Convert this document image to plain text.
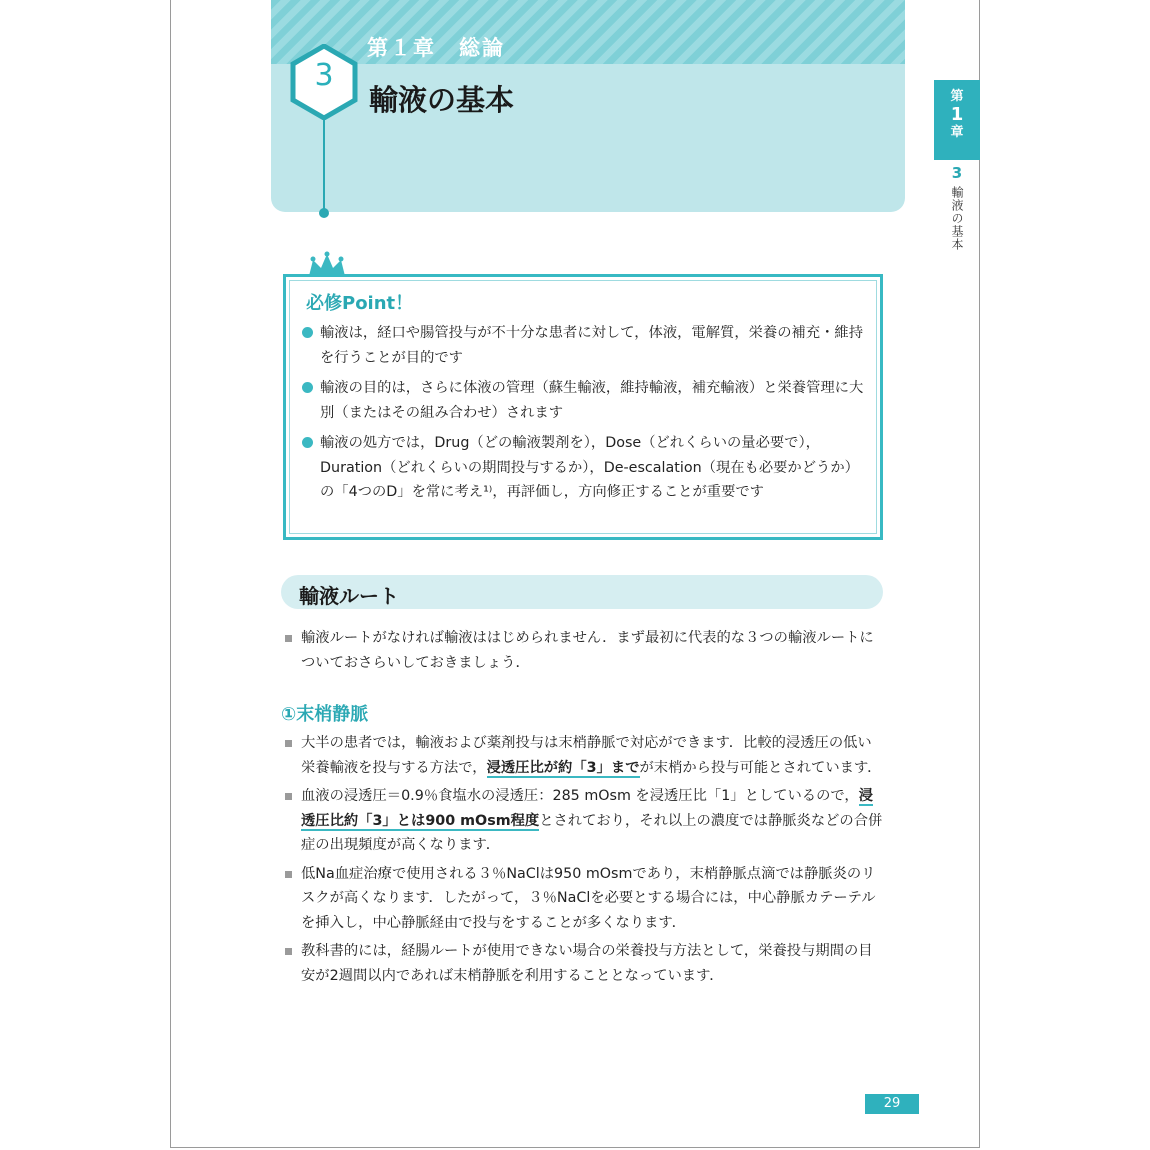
第１章　総論
輸液の基本
3
第
1
章
3
輸液の基本
必修Point！
輸液は，経口や腸管投与が不十分な患者に対して，体液，電解質，栄養の補充・維持を行うことが目的です
輸液の目的は，さらに体液の管理（蘇生輸液，維持輸液，補充輸液）と栄養管理に大別（またはその組み合わせ）されます
輸液の処方では，Drug（どの輸液製剤を），Dose（どれくらいの量必要で），Duration（どれくらいの期間投与するか），De-escalation（現在も必要かどうか）の「4つのD」を常に考え¹⁾，再評価し，方向修正することが重要です
輸液ルート
輸液ルートがなければ輸液ははじめられません．まず最初に代表的な３つの輸液ルートについておさらいしておきましょう．
①末梢静脈
大半の患者では，輸液および薬剤投与は末梢静脈で対応ができます．比較的浸透圧の低い栄養輸液を投与する方法で，浸透圧比が約「3」までが末梢から投与可能とされています．
血液の浸透圧＝0.9％食塩水の浸透圧：285 mOsm を浸透圧比「1」としているので，浸透圧比約「3」とは900 mOsm程度とされており，それ以上の濃度では静脈炎などの合併症の出現頻度が高くなります．
低Na血症治療で使用される３％NaClは950 mOsmであり，末梢静脈点滴では静脈炎のリスクが高くなります．したがって，３％NaClを必要とする場合には，中心静脈カテーテルを挿入し，中心静脈経由で投与をすることが多くなります．
教科書的には，経腸ルートが使用できない場合の栄養投与方法として，栄養投与期間の目安が2週間以内であれば末梢静脈を利用することとなっています．
29
